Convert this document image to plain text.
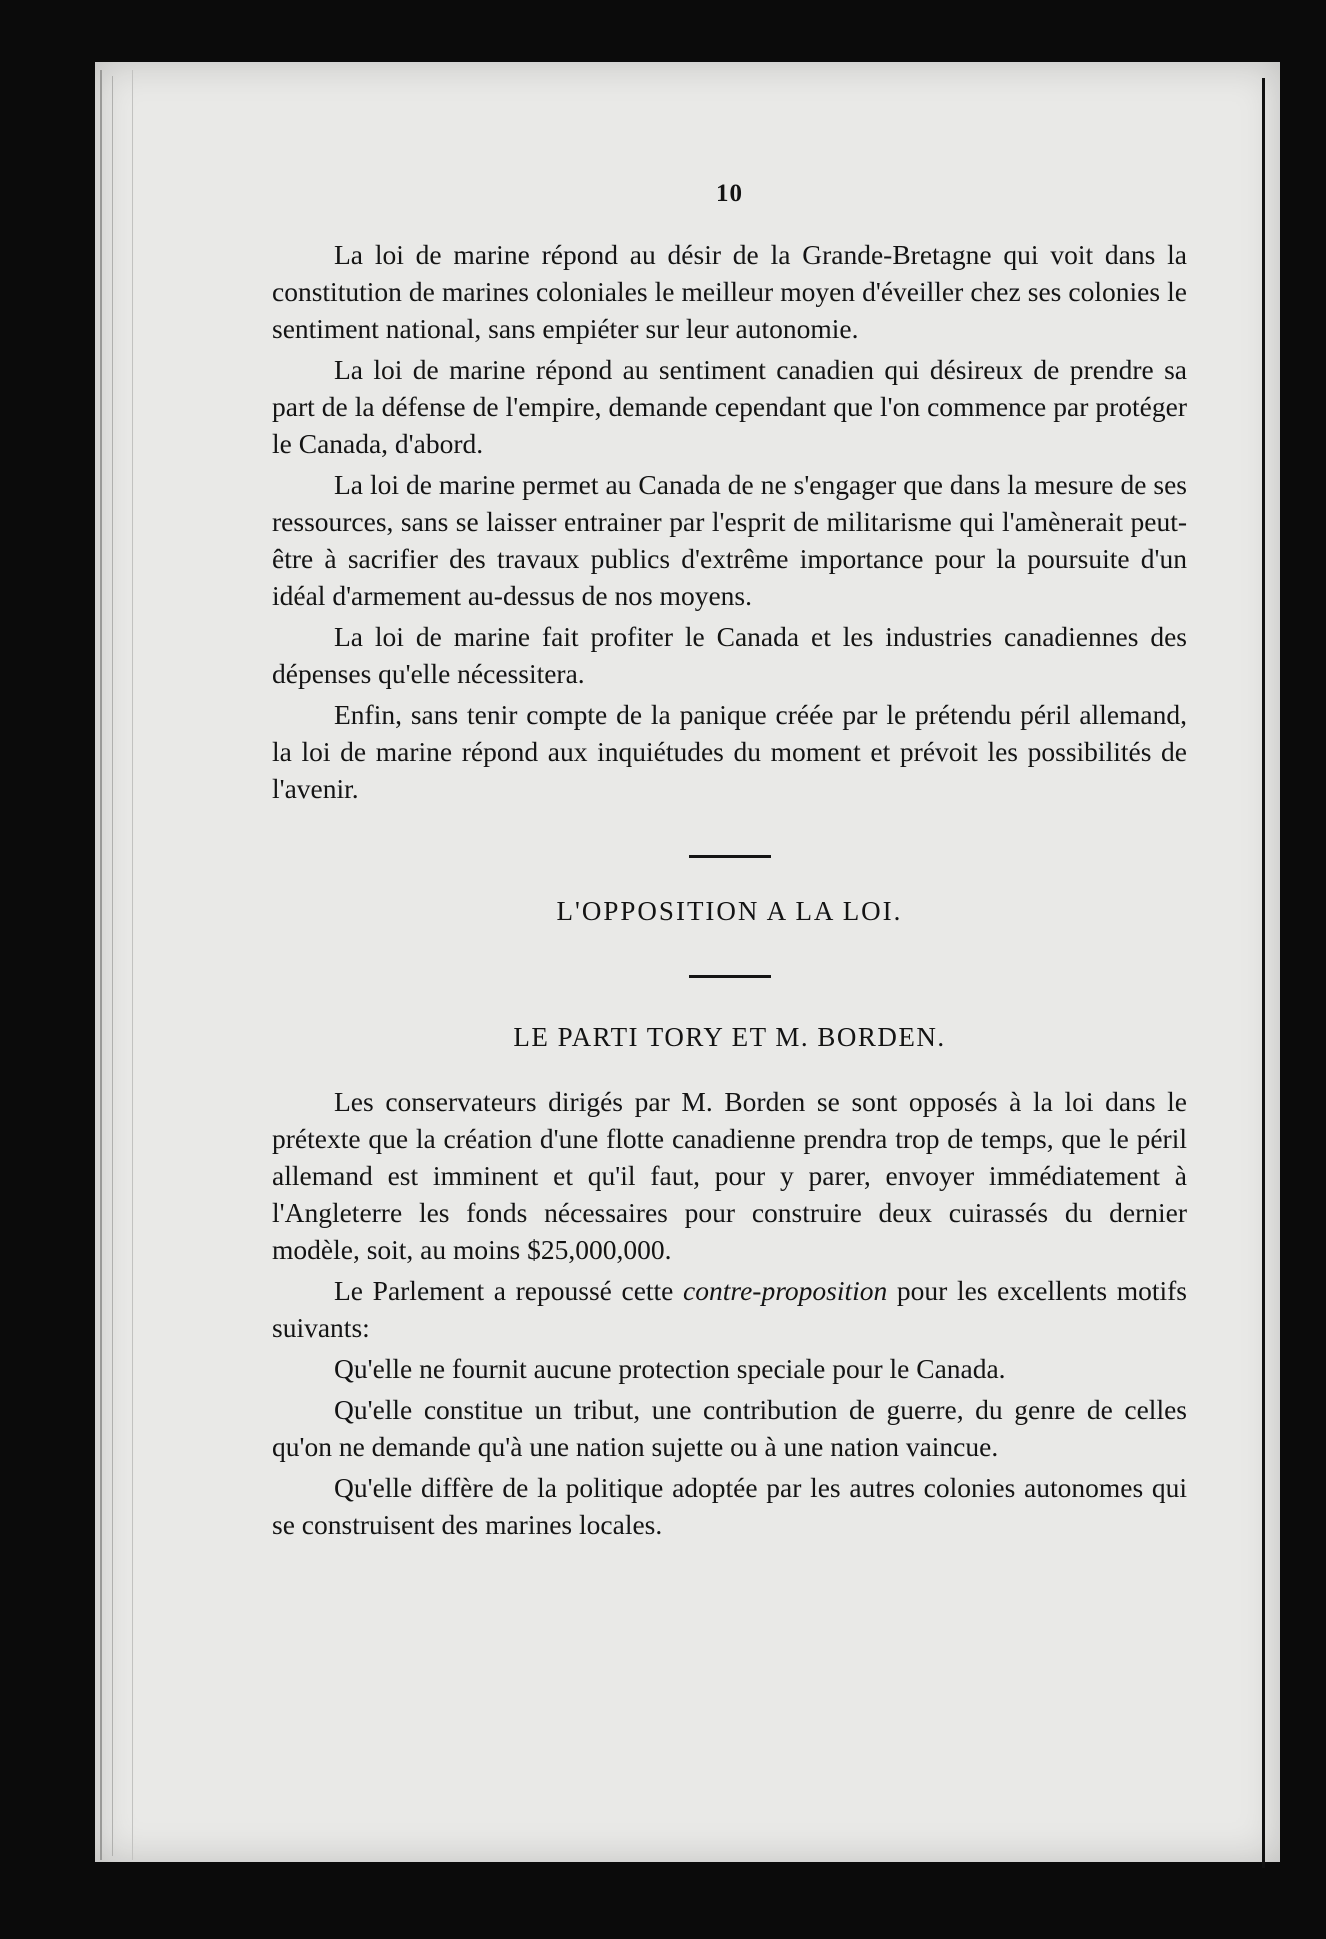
10

La loi de marine répond au désir de la Grande-Bretagne qui voit dans la constitution de marines coloniales le meilleur moyen d'éveiller chez ses colonies le sentiment national, sans empiéter sur leur autonomie.

La loi de marine répond au sentiment canadien qui désireux de prendre sa part de la défense de l'empire, demande cependant que l'on commence par protéger le Canada, d'abord.

La loi de marine permet au Canada de ne s'engager que dans la mesure de ses ressources, sans se laisser entrainer par l'esprit de militarisme qui l'amènerait peut-être à sacrifier des travaux publics d'extrême importance pour la poursuite d'un idéal d'armement au-dessus de nos moyens.

La loi de marine fait profiter le Canada et les industries canadiennes des dépenses qu'elle nécessitera.

Enfin, sans tenir compte de la panique créée par le prétendu péril allemand, la loi de marine répond aux inquiétudes du moment et prévoit les possibilités de l'avenir.

L'OPPOSITION A LA LOI.
LE PARTI TORY ET M. BORDEN.

Les conservateurs dirigés par M. Borden se sont opposés à la loi dans le prétexte que la création d'une flotte canadienne prendra trop de temps, que le péril allemand est imminent et qu'il faut, pour y parer, envoyer immédiatement à l'Angleterre les fonds nécessaires pour construire deux cuirassés du dernier modèle, soit, au moins $25,000,000.

Le Parlement a repoussé cette contre-proposition pour les excellents motifs suivants:

Qu'elle ne fournit aucune protection speciale pour le Canada.

Qu'elle constitue un tribut, une contribution de guerre, du genre de celles qu'on ne demande qu'à une nation sujette ou à une nation vaincue.

Qu'elle diffère de la politique adoptée par les autres colonies autonomes qui se construisent des marines locales.
